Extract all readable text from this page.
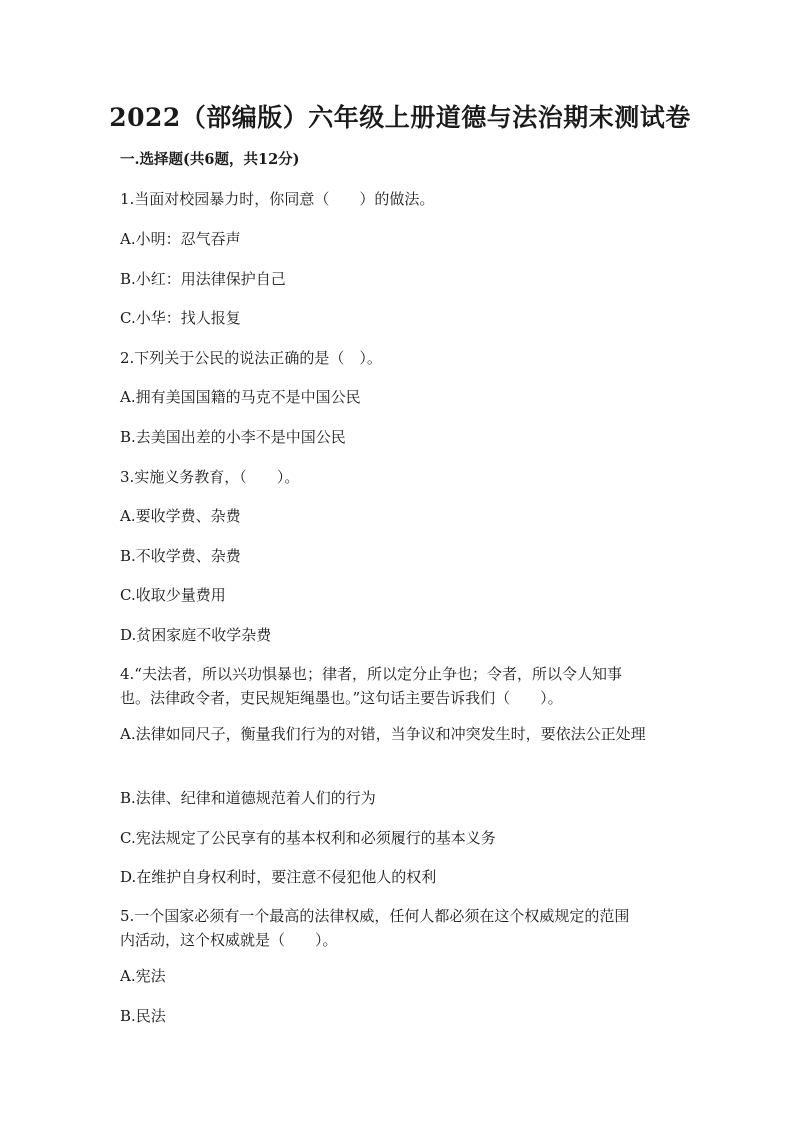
2022（部编版）六年级上册道德与法治期末测试卷
一.选择题(共6题，共12分)
1.当面对校园暴力时，你同意（　　）的做法。
A.小明：忍气吞声
B.小红：用法律保护自己
C.小华：找人报复
2.下列关于公民的说法正确的是（　）。
A.拥有美国国籍的马克不是中国公民
B.去美国出差的小李不是中国公民
3.实施义务教育，（　　）。
A.要收学费、杂费
B.不收学费、杂费
C.收取少量费用
D.贫困家庭不收学杂费
4.“夫法者，所以兴功惧暴也；律者，所以定分止争也；令者，所以令人知事
也。法律政令者，吏民规矩绳墨也。”这句话主要告诉我们（　　）。
A.法律如同尺子，衡量我们行为的对错，当争议和冲突发生时，要依法公正处理
B.法律、纪律和道德规范着人们的行为
C.宪法规定了公民享有的基本权利和必须履行的基本义务
D.在维护自身权利时，要注意不侵犯他人的权利
5.一个国家必须有一个最高的法律权威，任何人都必须在这个权威规定的范围
内活动，这个权威就是（　　）。
A.宪法
B.民法
